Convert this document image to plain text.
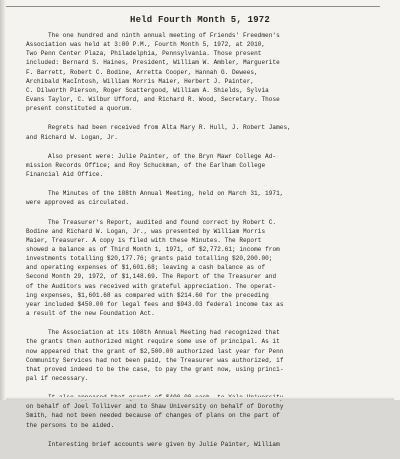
Held Fourth Month 5, 1972

The one hundred and ninth annual meeting of Friends' Freedmen's
Association was held at 3:00 P.M., Fourth Month 5, 1972, at 2010,
Two Penn Center Plaza, Philadelphia, Pennsylvania. Those present
included: Bernard S. Haines, President, William W. Ambler, Marguerite
F. Barrett, Robert C. Bodine, Arretta Cooper, Hannah G. Dewees,
Archibald MacIntosh, William Morris Maier, Herbert J. Painter,
C. Dilworth Pierson, Roger Scattergood, William A. Shields, Sylvia
Evans Taylor, C. Wilbur Ufford, and Richard R. Wood, Secretary. Those
present constituted a quorum.

Regrets had been received from Alta Mary R. Hull, J. Robert James,
and Richard W. Logan, Jr.

Also present were: Julie Painter, of the Bryn Mawr College Ad-
mission Records Office; and Roy Schuckman, of the Earlham College
Financial Aid Office.

The Minutes of the 108th Annual Meeting, held on March 31, 1971,
were approved as circulated.

The Treasurer's Report, audited and found correct by Robert C.
Bodine and Richard W. Logan, Jr., was presented by William Morris
Maier, Treasurer. A copy is filed with these Minutes. The Report
showed a balance as of Third Month 1, 1971, of $2,772.61; income from
investments totalling $20,177.76; grants paid totalling $20,200.00;
and operating expenses of $1,601.68; leaving a cash balance as of
Second Month 29, 1972, of $1,148.69. The Report of the Treasurer and
of the Auditors was received with grateful appreciation. The operat-
ing expenses, $1,601.68 as compared with $214.60 for the preceding
year included $450.00 for legal fees and $943.03 federal income tax as
a result of the new Foundation Act.

The Association at its 108th Annual Meeting had recognized that
the grants then authorized might require some use of principal. As it
now appeared that the grant of $2,500.00 authorized last year for Penn
Community Services had not been paid, the Treasurer was authorized, if
that proved indeed to be the case, to pay the grant now, using princi-
pal if necessary.

on behalf of Joel Tolliver and to Shaw University on behalf of Dorothy
Smith, had not been needed because of changes of plans on the part of
the persons to be aided.

Interesting brief accounts were given by Julie Painter, William
